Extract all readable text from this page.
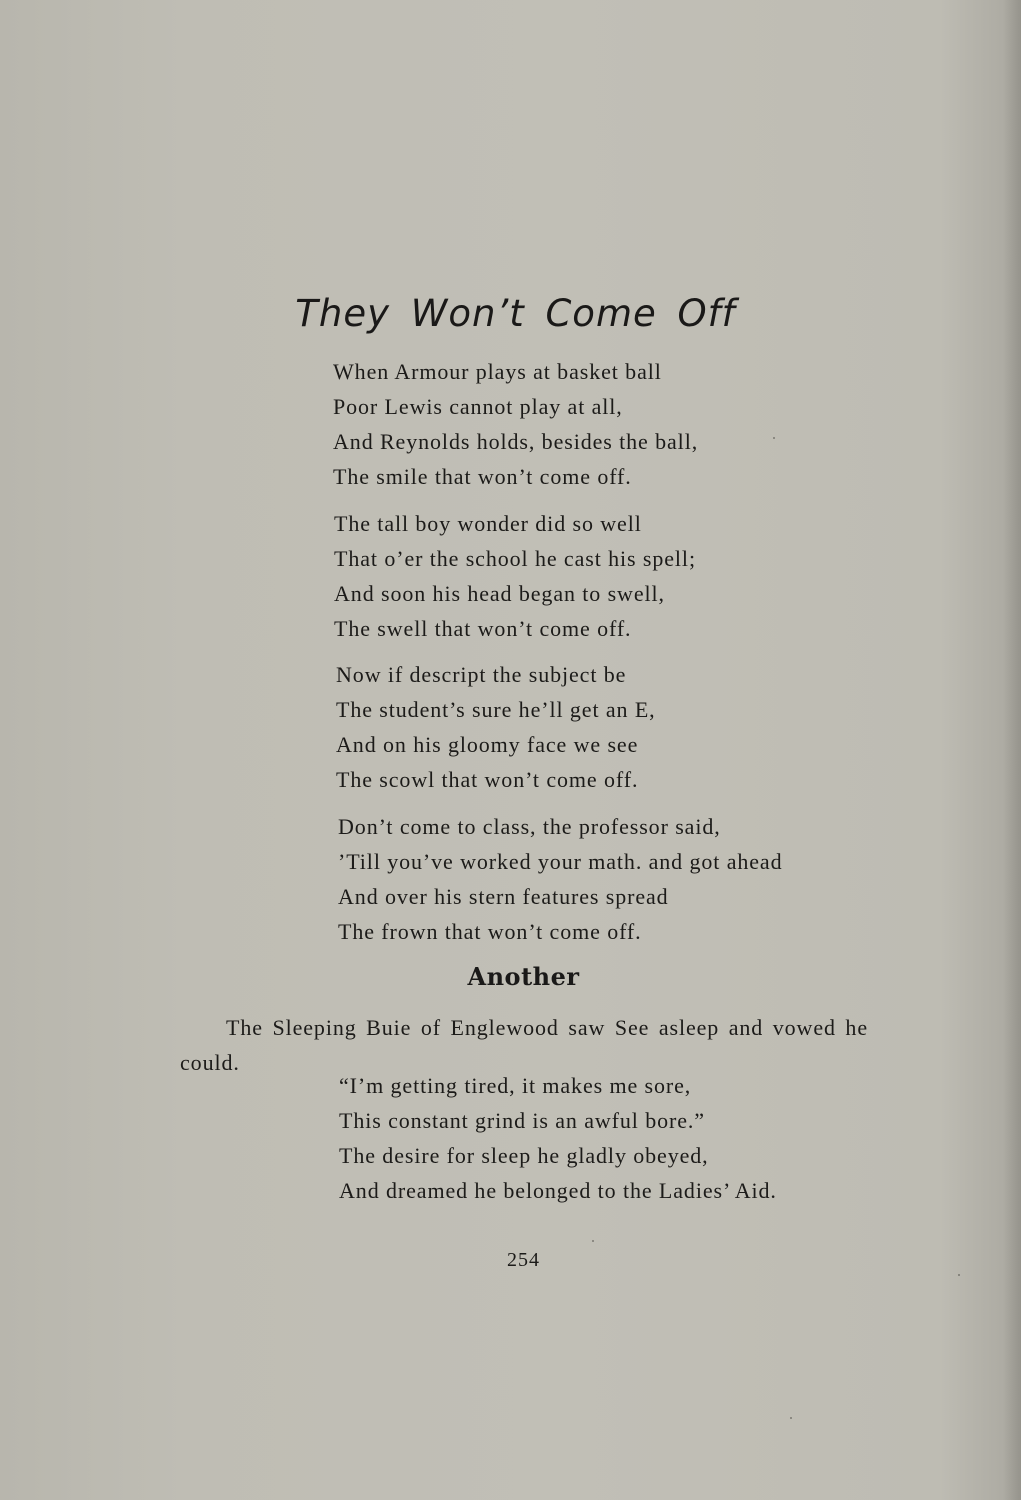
They Won’t Come Off
When Armour plays at basket ball
Poor Lewis cannot play at all,
And Reynolds holds, besides the ball,
The smile that won’t come off.
The tall boy wonder did so well
That o’er the school he cast his spell;
And soon his head began to swell,
The swell that won’t come off.
Now if descript the subject be
The student’s sure he’ll get an E,
And on his gloomy face we see
The scowl that won’t come off.
Don’t come to class, the professor said,
’Till you’ve worked your math. and got ahead
And over his stern features spread
The frown that won’t come off.
Another

The Sleeping Buie of Englewood saw See asleep and vowed he could.

“I’m getting tired, it makes me sore,
This constant grind is an awful bore.”
The desire for sleep he gladly obeyed,
And dreamed he belonged to the Ladies’ Aid.
254
